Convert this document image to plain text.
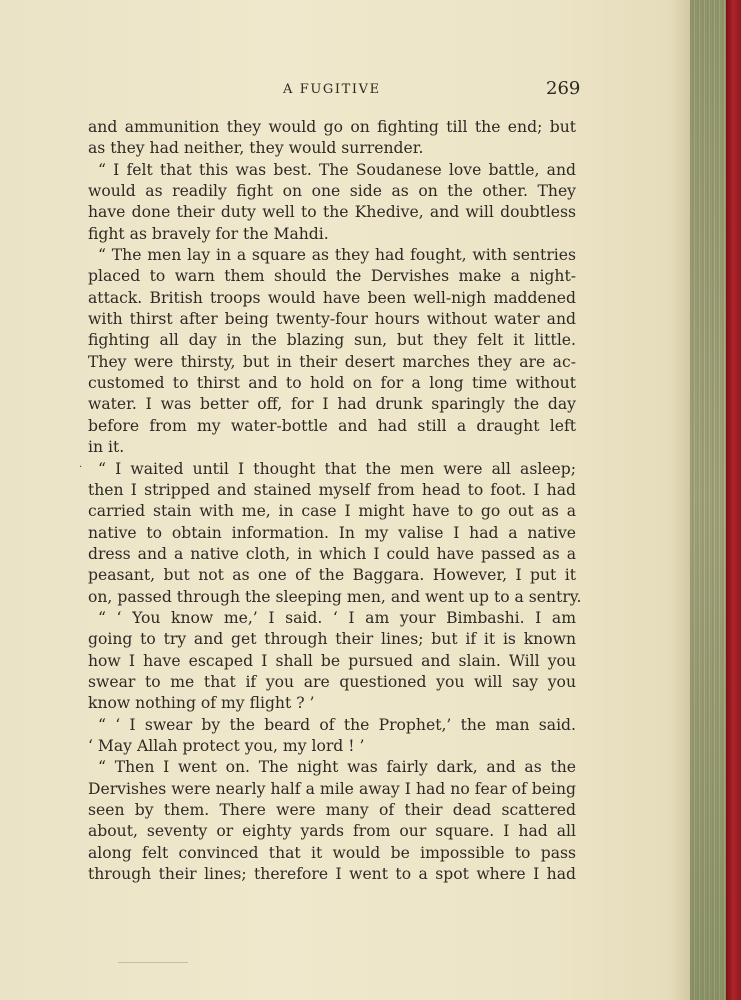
A FUGITIVE	269
.
and ammunition they would go on fighting till the end; but
as they had neither, they would surrender.
“ I felt that this was best. The Soudanese love battle, and
would as readily fight on one side as on the other. They
have done their duty well to the Khedive, and will doubtless
fight as bravely for the Mahdi.
“ The men lay in a square as they had fought, with sentries
placed to warn them should the Dervishes make a night-
attack. British troops would have been well-nigh maddened
with thirst after being twenty-four hours without water and
fighting all day in the blazing sun, but they felt it little.
They were thirsty, but in their desert marches they are ac-
customed to thirst and to hold on for a long time without
water. I was better off, for I had drunk sparingly the day
before from my water-bottle and had still a draught left
in it.
“ I waited until I thought that the men were all asleep;
then I stripped and stained myself from head to foot. I had
carried stain with me, in case I might have to go out as a
native to obtain information. In my valise I had a native
dress and a native cloth, in which I could have passed as a
peasant, but not as one of the Baggara. However, I put it
on, passed through the sleeping men, and went up to a sentry.
“ ‘ You know me,’ I said. ‘ I am your Bimbashi. I am
going to try and get through their lines; but if it is known
how I have escaped I shall be pursued and slain. Will you
swear to me that if you are questioned you will say you
know nothing of my flight ? ’
“ ‘ I swear by the beard of the Prophet,’ the man said.
‘ May Allah protect you, my lord ! ’
“ Then I went on. The night was fairly dark, and as the
Dervishes were nearly half a mile away I had no fear of being
seen by them. There were many of their dead scattered
about, seventy or eighty yards from our square. I had all
along felt convinced that it would be impossible to pass
through their lines; therefore I went to a spot where I had
